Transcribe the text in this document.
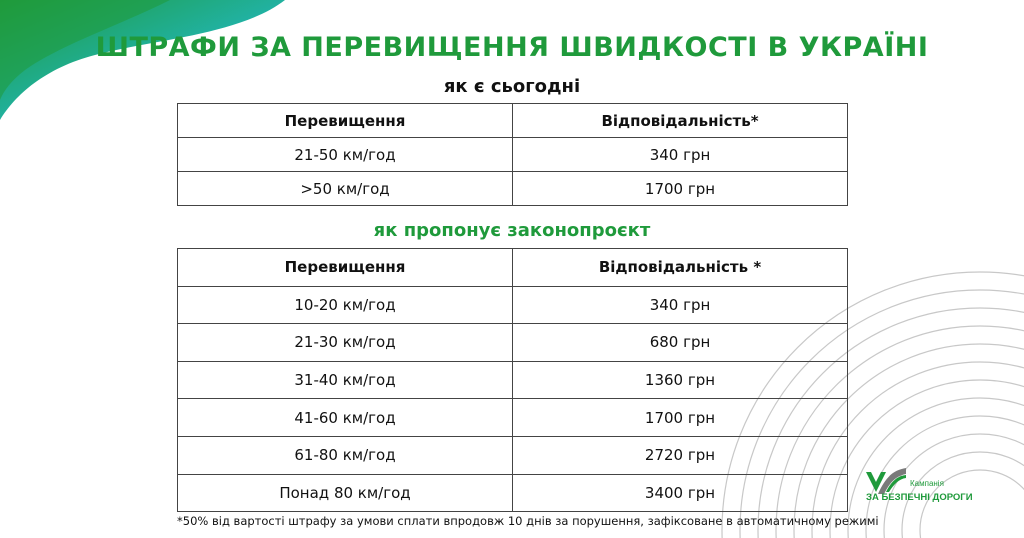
ШТРАФИ ЗА ПЕРЕВИЩЕННЯ ШВИДКОСТІ В УКРАЇНІ
як є сьогодні
Перевищення	Відповідальність*
21-50 км/год	340 грн
>50 км/год	1700 грн
як пропонує законопроєкт
Перевищення	Відповідальність *
10-20 км/год	340 грн
21-30 км/год	680 грн
31-40 км/год	1360 грн
41-60 км/год	1700 грн
61-80 км/год	2720 грн
Понад 80 км/год	3400 грн

*50% від вартості штрафу за умови сплати впродовж 10 днів за порушення, зафіксоване в автоматичному режимі

Кампанія
ЗА БЕЗПЕЧНІ ДОРОГИ
